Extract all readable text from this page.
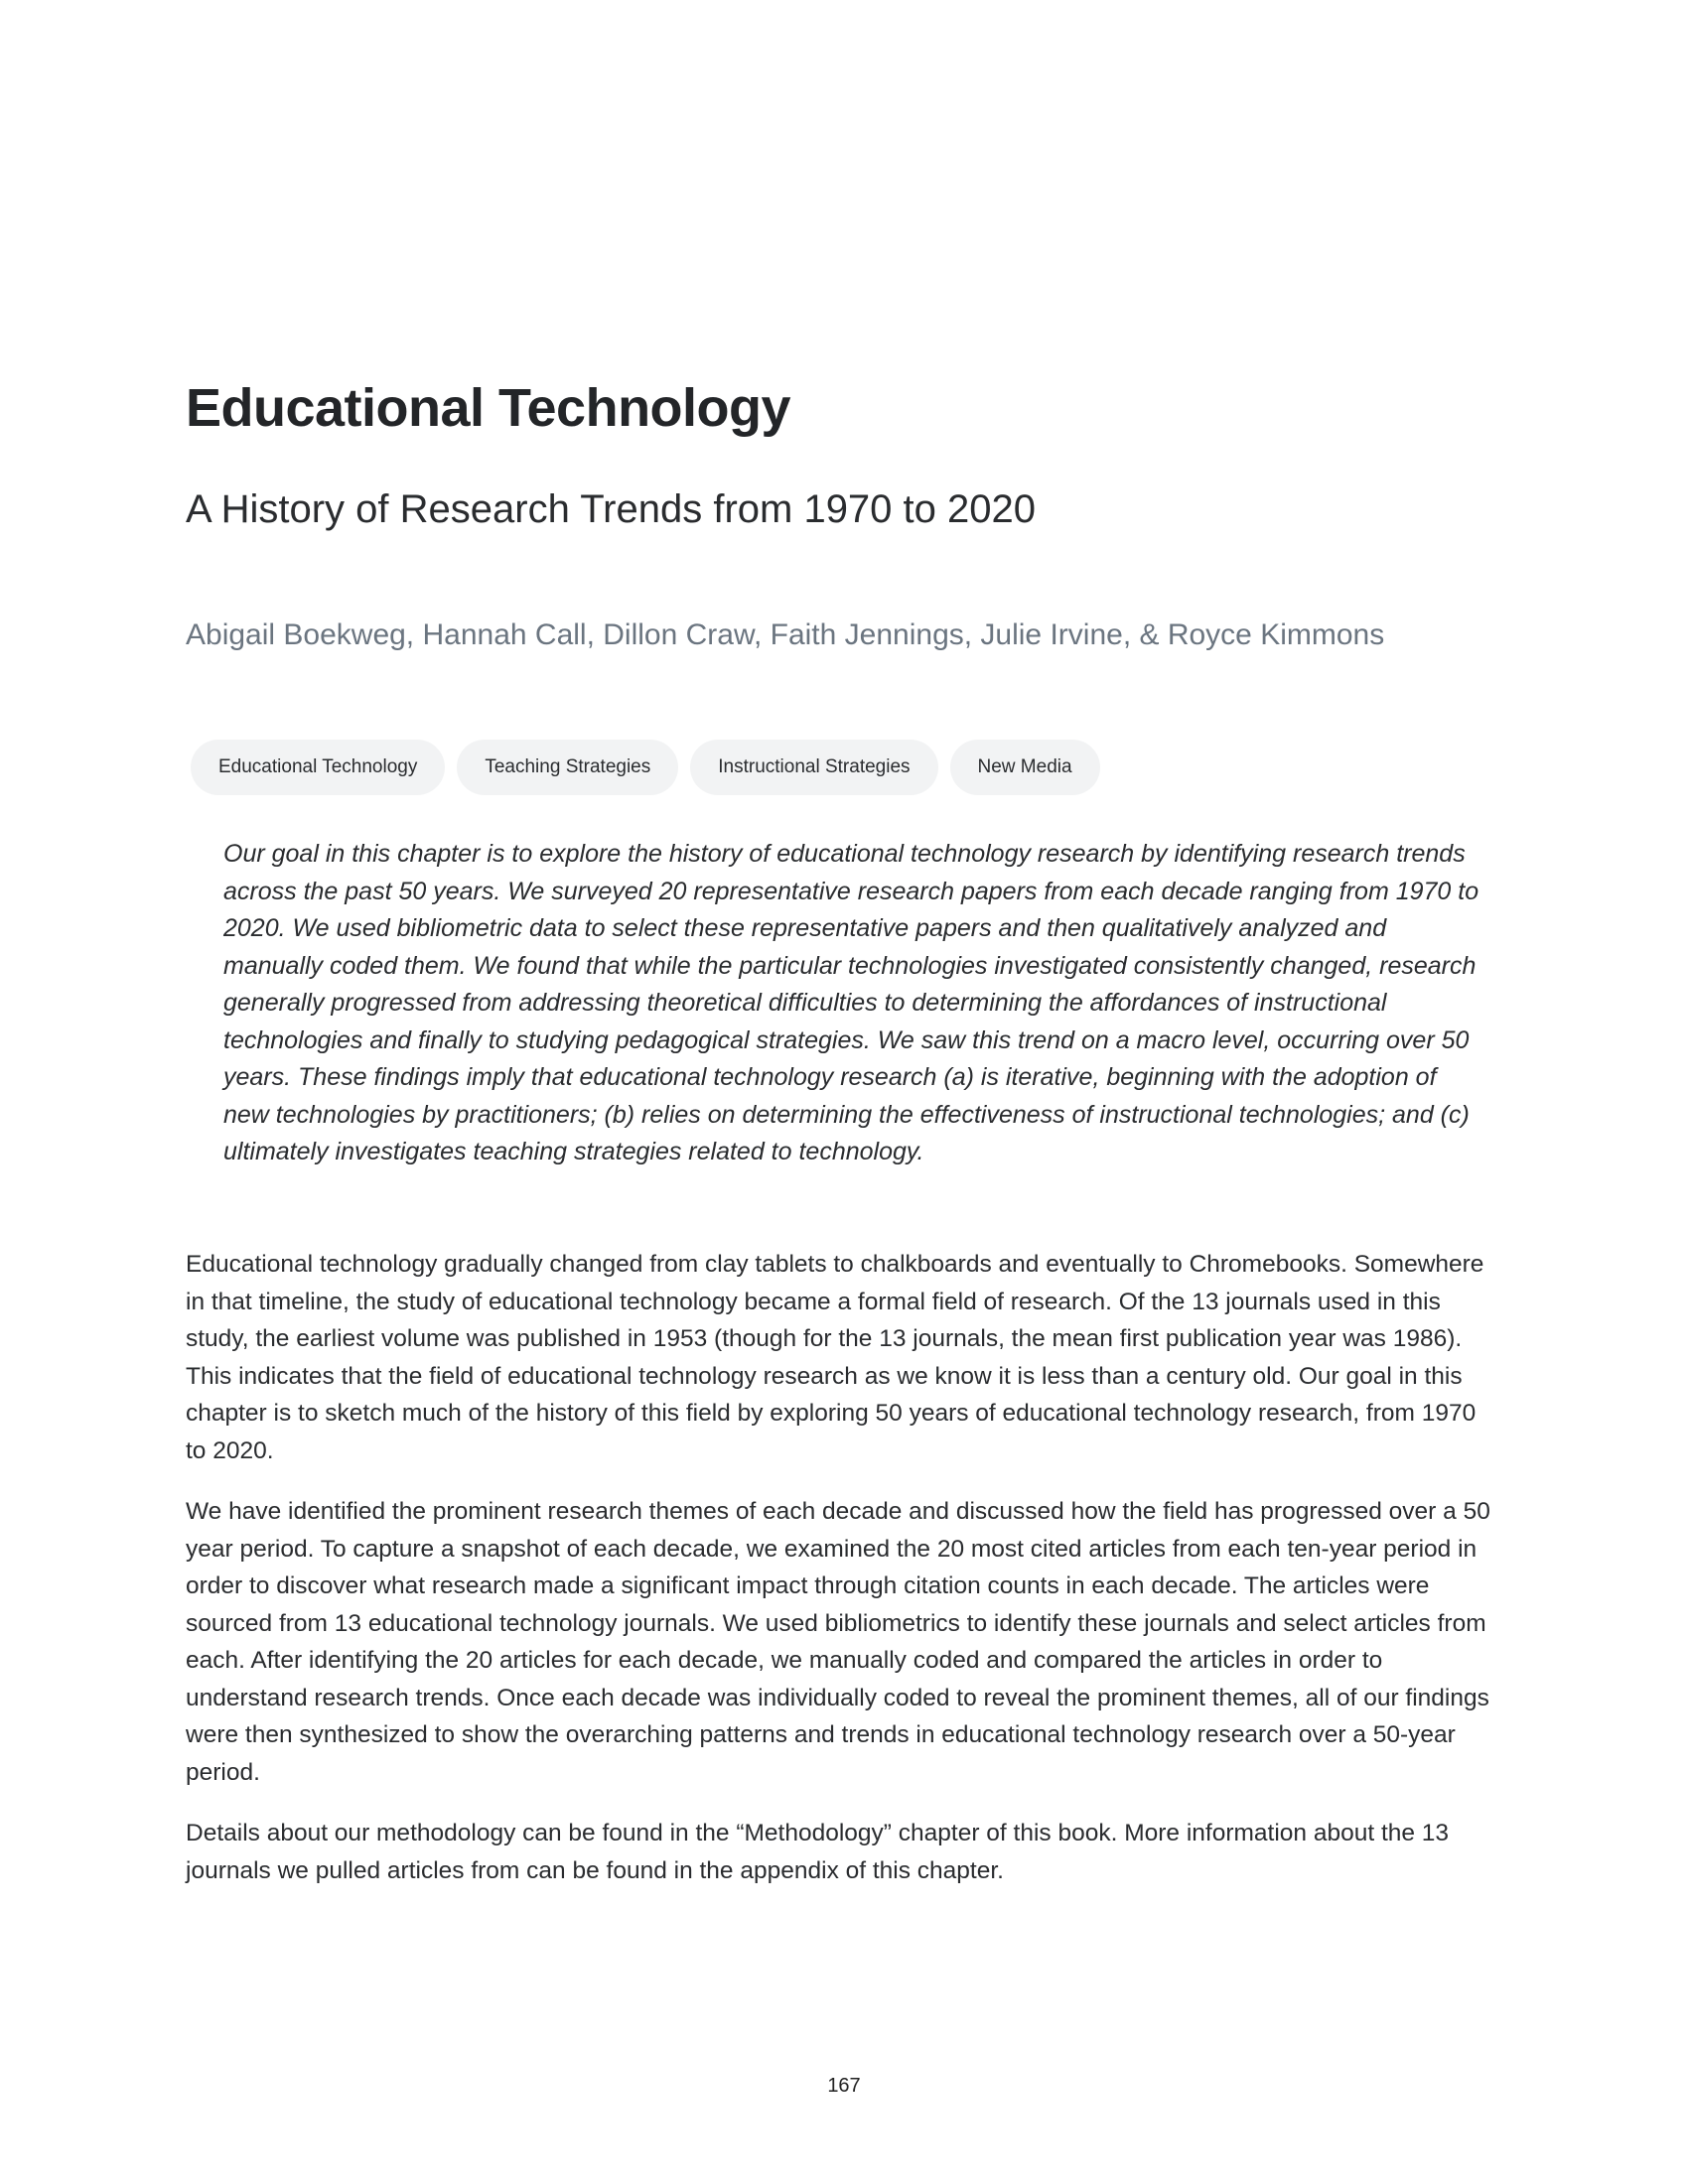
Educational Technology
A History of Research Trends from 1970 to 2020
Abigail Boekweg, Hannah Call, Dillon Craw, Faith Jennings, Julie Irvine, & Royce Kimmons
Educational Technology	Teaching Strategies	Instructional Strategies	New Media

Our goal in this chapter is to explore the history of educational technology research by identifying research trends across the past 50 years. We surveyed 20 representative research papers from each decade ranging from 1970 to 2020. We used bibliometric data to select these representative papers and then qualitatively analyzed and manually coded them. We found that while the particular technologies investigated consistently changed, research generally progressed from addressing theoretical difficulties to determining the affordances of instructional technologies and finally to studying pedagogical strategies. We saw this trend on a macro level, occurring over 50 years. These findings imply that educational technology research (a) is iterative, beginning with the adoption of new technologies by practitioners; (b) relies on determining the effectiveness of instructional technologies; and (c) ultimately investigates teaching strategies related to technology.

Educational technology gradually changed from clay tablets to chalkboards and eventually to Chromebooks. Somewhere in that timeline, the study of educational technology became a formal field of research. Of the 13 journals used in this study, the earliest volume was published in 1953 (though for the 13 journals, the mean first publication year was 1986). This indicates that the field of educational technology research as we know it is less than a century old. Our goal in this chapter is to sketch much of the history of this field by exploring 50 years of educational technology research, from 1970 to 2020.

We have identified the prominent research themes of each decade and discussed how the field has progressed over a 50 year period. To capture a snapshot of each decade, we examined the 20 most cited articles from each ten-year period in order to discover what research made a significant impact through citation counts in each decade. The articles were sourced from 13 educational technology journals. We used bibliometrics to identify these journals and select articles from each. After identifying the 20 articles for each decade, we manually coded and compared the articles in order to understand research trends. Once each decade was individually coded to reveal the prominent themes, all of our findings were then synthesized to show the overarching patterns and trends in educational technology research over a 50-year period.

Details about our methodology can be found in the “Methodology” chapter of this book. More information about the 13 journals we pulled articles from can be found in the appendix of this chapter.

167
